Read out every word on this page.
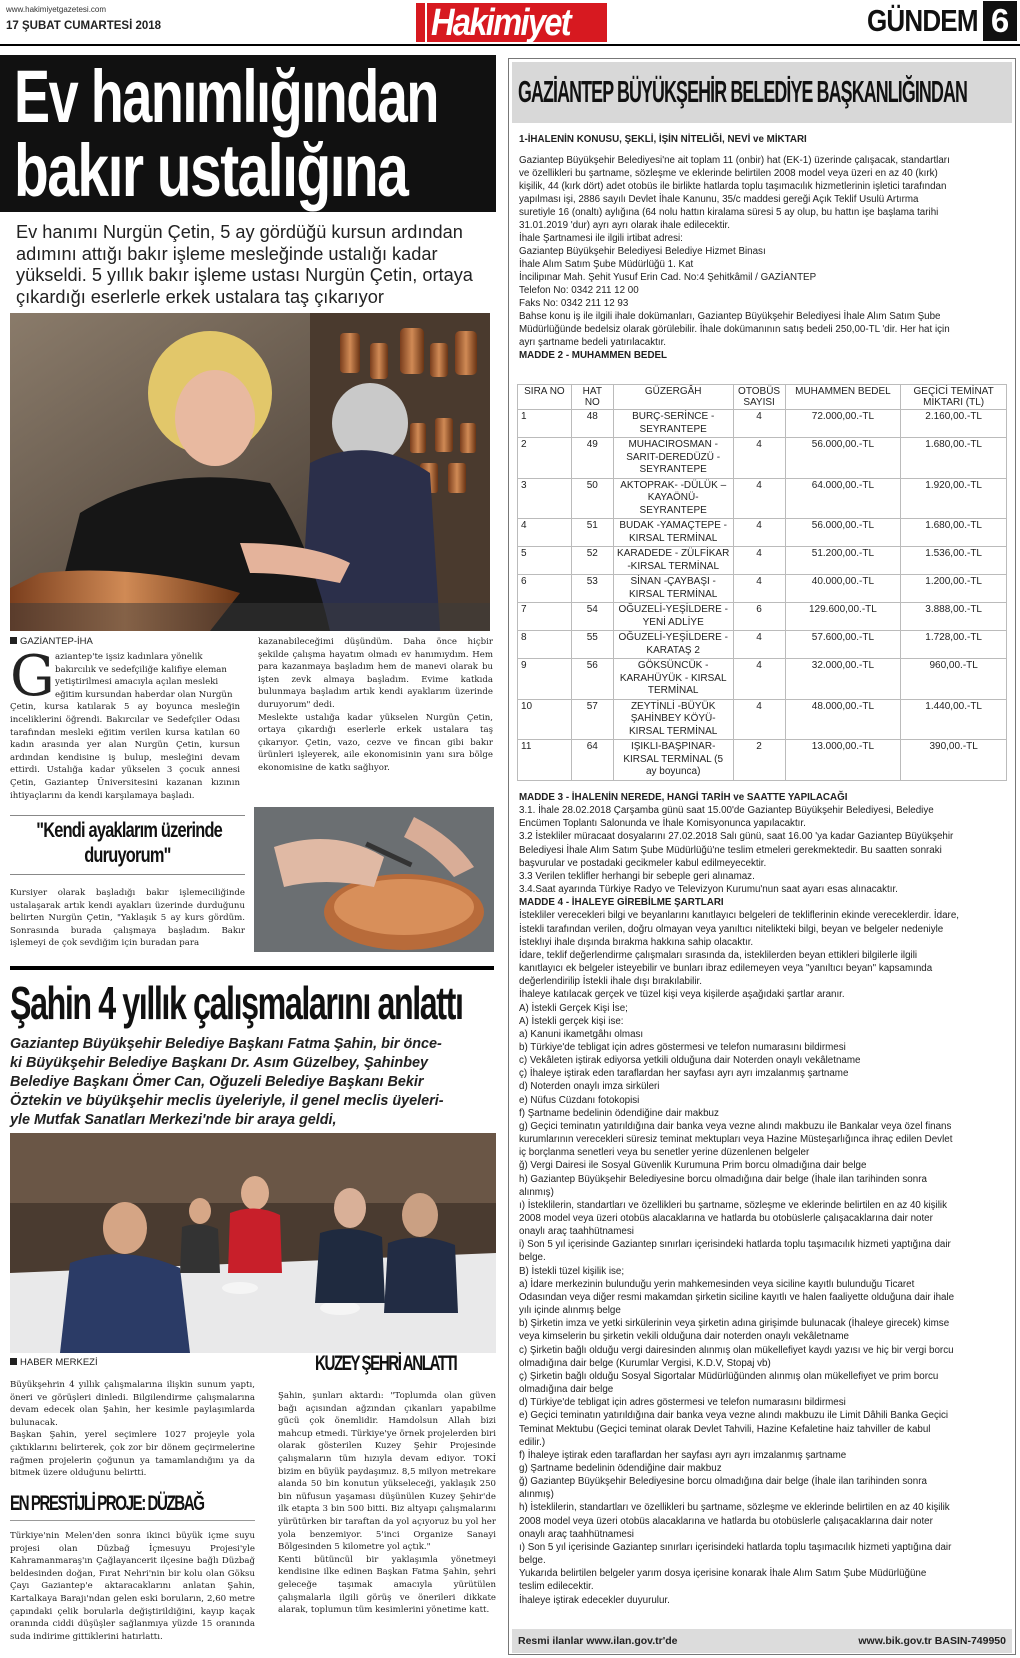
www.hakimiyetgazetesi.com
17 ŞUBAT CUMARTESİ 2018	Hakimiyet	GÜNDEM 6
Ev hanımlığından
bakır ustalığına
Ev hanımı Nurgün Çetin, 5 ay gördüğü kursun ardından
adımını attığı bakır işleme mesleğinde ustalığı kadar
yükseldi. 5 yıllık bakır işleme ustası Nurgün Çetin, ortaya
çıkardığı eserlerle erkek ustalara taş çıkarıyor
GAZİANTEP-İHA
G aziantep'te işsiz kadınlara yönelik

bakırcılık ve sedefçiliğe kalifiye eleman

yetiştirilmesi amacıyla açılan mesleki

eğitim kursundan haberdar olan Nurgün

Çetin, kursa katılarak 5 ay boyunca mesleğin inceliklerini öğrendi. Bakırcılar ve Sedefçiler Odası tarafından mesleki eğitim verilen kursa katılan 60 kadın arasında yer alan Nurgün Çetin, kursun ardından kendisine iş bulup, mesleğini devam ettirdi. Ustalığa kadar yükselen 3 çocuk annesi Çetin, Gaziantep Üniversitesini kazanan kızının ihtiyaçlarını da kendi karşılamaya başladı.

kazanabileceğimi düşündüm. Daha önce hiçbir şekilde çalışma hayatım olmadı ev hanımıydım. Hem para kazanmaya başladım hem de manevi olarak bu işten zevk almaya başladım. Evime katkıda bulunmaya başladım artık kendi ayaklarım üzerinde duruyorum" dedi.

Meslekte ustalığa kadar yükselen Nurgün Çetin, ortaya çıkardığı eserlerle erkek ustalara taş çıkarıyor. Çetin, vazo, cezve ve fincan gibi bakır ürünleri işleyerek, aile ekonomisinin yanı sıra bölge ekonomisine de katkı sağlıyor.

"Kendi ayaklarım üzerinde
duruyorum"

Kursiyer olarak başladığı bakır işlemeciliğinde ustalaşarak artık kendi ayakları üzerinde durduğunu belirten Nurgün Çetin, "Yaklaşık 5 ay kurs gördüm. Sonrasında burada çalışmaya başladım. Bakır işlemeyi de çok sevdiğim için buradan para

Şahin 4 yıllık çalışmalarını anlattı
Gaziantep Büyükşehir Belediye Başkanı Fatma Şahin, bir önce-
ki Büyükşehir Belediye Başkanı Dr. Asım Güzelbey, Şahinbey
Belediye Başkanı Ömer Can, Oğuzeli Belediye Başkanı Bekir
Öztekin ve büyükşehir meclis üyeleriyle, il genel meclis üyeleri-
yle Mutfak Sanatları Merkezi'nde bir araya geldi,
HABER MERKEZİ

Büyükşehrin 4 yıllık çalışmalarına ilişkin sunum yaptı, öneri ve görüşleri dinledi. Bilgilendirme çalışmalarına devam edecek olan Şahin, her kesimle paylaşımlarda bulunacak.

Başkan Şahin, yerel seçimlere 1027 projeyle yola çıktıklarını belirterek, çok zor bir dönem geçirmelerine rağmen projelerin çoğunun ya tamamlandığını ya da bitmek üzere olduğunu belirtti.

EN PRESTİJLİ PROJE: DÜZBAĞ

Türkiye'nin Melen'den sonra ikinci büyük içme suyu projesi olan Düzbağ İçmesuyu Projesi'yle Kahramanmaraş'ın Çağlayancerit ilçesine bağlı Düzbağ beldesinden doğan, Fırat Nehri'nin bir kolu olan Göksu Çayı Gaziantep'e aktaracaklarını anlatan Şahin, Kartalkaya Barajı'ndan gelen eski boruların, 2,60 metre çapındaki çelik borularla değiştirildiğini, kayıp kaçak oranında ciddi düşüşler sağlanmıya yüzde 15 oranında suda indirime gittiklerini hatırlattı.

KUZEY ŞEHRİ ANLATTI

Şahin, şunları aktardı: "Toplumda olan güven bağı açısından ağzından çıkanları yapabilme gücü çok önemlidir. Hamdolsun Allah bizi mahcup etmedi. Türkiye'ye örnek projelerden biri olarak gösterilen Kuzey Şehir Projesinde çalışmaların tüm hızıyla devam ediyor. TOKİ bizim en büyük paydaşımız. 8,5 milyon metrekare alanda 50 bin konutun yükseleceği, yaklaşık 250 bin nüfusun yaşaması düşünülen Kuzey Şehir'de ilk etapta 3 bin 500 bitti. Biz altyapı çalışmalarını yürütürken bir taraftan da yol açıyoruz bu yol her yola benzemiyor. 5'inci Organize Sanayi Bölgesinden 5 kilometre yol açtık."

Kenti bütüncül bir yaklaşımla yönetmeyi kendisine ilke edinen Başkan Fatma Şahin, şehri geleceğe taşımak amacıyla yürütülen çalışmalarla ilgili görüş ve önerileri dikkate alarak, toplumun tüm kesimlerini yönetime katt.

GAZİANTEP BÜYÜKŞEHİR BELEDİYE BAŞKANLIĞINDAN

1-İHALENİN KONUSU, ŞEKLİ, İŞİN NİTELİĞİ, NEVİ ve MİKTARI

Gaziantep Büyükşehir Belediyesi'ne ait toplam 11 (onbir) hat (EK-1) üzerinde çalışacak, standartları

ve özellikleri bu şartname, sözleşme ve eklerinde belirtilen 2008 model veya üzeri en az 40 (kırk)

kişilik, 44 (kırk dört) adet otobüs ile birlikte hatlarda toplu taşımacılık hizmetlerinin işletici tarafından

yapılması işi, 2886 sayılı Devlet İhale Kanunu, 35/c maddesi gereği Açık Teklif Usulü Artırma

suretiyle 16 (onaltı) aylığına (64 nolu hattın kiralama süresi 5 ay olup, bu hattın işe başlama tarihi

31.01.2019 'dur) ayrı ayrı olarak ihale edilecektir.

İhale Şartnamesi ile ilgili irtibat adresi:

Gaziantep Büyükşehir Belediyesi Belediye Hizmet Binası

İhale Alım Satım Şube Müdürlüğü 1. Kat

İncilipınar Mah. Şehit Yusuf Erin Cad. No:4 Şehitkâmil / GAZİANTEP

Telefon No: 0342 211 12 00

Faks No: 0342 211 12 93

Bahse konu iş ile ilgili ihale dokümanları, Gaziantep Büyükşehir Belediyesi İhale Alım Satım Şube

Müdürlüğünde bedelsiz olarak görülebilir. İhale dokümanının satış bedeli 250,00-TL 'dir. Her hat için

ayrı şartname bedeli yatırılacaktır.

MADDE 2 - MUHAMMEN BEDEL

SIRA NO	HAT NO	GÜZERGÂH	OTOBÜS SAYISI	MUHAMMEN BEDEL	GEÇİCİ TEMİNAT MİKTARI (TL)
1	48	BURÇ-SERİNCE -SEYRANTEPE	4	72.000,00.-TL	2.160,00.-TL
2	49	MUHACIROSMAN -SARIT-DEREDÜZÜ -SEYRANTEPE	4	56.000,00.-TL	1.680,00.-TL
3	50	AKTOPRAK- -DÜLÜK –KAYAÖNÜ- SEYRANTEPE	4	64.000,00.-TL	1.920,00.-TL
4	51	BUDAK -YAMAÇTEPE -KIRSAL TERMİNAL	4	56.000,00.-TL	1.680,00.-TL
5	52	KARADEDE - ZÜLFİKAR -KIRSAL TERMİNAL	4	51.200,00.-TL	1.536,00.-TL
6	53	SİNAN -ÇAYBAŞI - KIRSAL TERMİNAL	4	40.000,00.-TL	1.200,00.-TL
7	54	OĞUZELİ-YEŞİLDERE -YENİ ADLİYE	6	129.600,00.-TL	3.888,00.-TL
8	55	OĞUZELİ-YEŞİLDERE -KARATAŞ 2	4	57.600,00.-TL	1.728,00.-TL
9	56	GÖKSÜNCÜK - KARAHÜYÜK - KIRSAL TERMİNAL	4	32.000,00.-TL	960,00.-TL
10	57	ZEYTİNLİ -BÜYÜK ŞAHİNBEY KÖYÜ- KIRSAL TERMİNAL	4	48.000,00.-TL	1.440,00.-TL
11	64	IŞIKLI-BAŞPINAR- KIRSAL TERMİNAL (5 ay boyunca)	2	13.000,00.-TL	390,00.-TL

MADDE 3 - İHALENİN NEREDE, HANGİ TARİH ve SAATTE YAPILACAĞI

3.1. İhale 28.02.2018 Çarşamba günü saat 15.00'de Gaziantep Büyükşehir Belediyesi, Belediye

Encümen Toplantı Salonunda ve İhale Komisyonunca yapılacaktır.

3.2 İstekliler müracaat dosyalarını 27.02.2018 Salı günü, saat 16.00 'ya kadar Gaziantep Büyükşehir

Belediyesi İhale Alım Satım Şube Müdürlüğü'ne teslim etmeleri gerekmektedir. Bu saatten sonraki

başvurular ve postadaki gecikmeler kabul edilmeyecektir.

3.3 Verilen teklifler herhangi bir sebeple geri alınamaz.

3.4.Saat ayarında Türkiye Radyo ve Televizyon Kurumu'nun saat ayarı esas alınacaktır.

MADDE 4 - İHALEYE GİREBİLME ŞARTLARI

İstekliler verecekleri bilgi ve beyanlarını kanıtlayıcı belgeleri de tekliflerinin ekinde vereceklerdir. İdare,

İstekli tarafından verilen, doğru olmayan veya yanıltıcı nitelikteki bilgi, beyan ve belgeler nedeniyle

İsteklıyi ihale dışında bırakma hakkına sahip olacaktır.

İdare, teklif değerlendirme çalışmaları sırasında da, isteklilerden beyan ettikleri bilgilerle ilgili

kanıtlayıcı ek belgeler isteyebilir ve bunları ibraz edilemeyen veya "yanıltıcı beyan" kapsamında

değerlendirilip İstekli ihale dışı bırakılabilir.

İhaleye katılacak gerçek ve tüzel kişi veya kişilerde aşağıdaki şartlar aranır.

A) İstekli Gerçek Kişi İse;

A) İstekli gerçek kişi ise:

a) Kanuni ikametgâhı olması

b) Türkiye'de tebligat için adres göstermesi ve telefon numarasını bildirmesi

c) Vekâleten iştirak ediyorsa yetkili olduğuna dair Noterden onaylı vekâletname

ç) İhaleye iştirak eden taraflardan her sayfası ayrı ayrı imzalanmış şartname

d) Noterden onaylı imza sirküleri

e) Nüfus Cüzdanı fotokopisi

f) Şartname bedelinin ödendiğine dair makbuz

g) Geçici teminatın yatırıldığına dair banka veya vezne alındı makbuzu ile Bankalar veya özel finans

kurumlarının verecekleri süresiz teminat mektupları veya Hazine Müsteşarlığınca ihraç edilen Devlet

iç borçlanma senetleri veya bu senetler yerine düzenlenen belgeler

ğ) Vergi Dairesi ile Sosyal Güvenlik Kurumuna Prim borcu olmadığına dair belge

h) Gaziantep Büyükşehir Belediyesine borcu olmadığına dair belge (İhale ilan tarihinden sonra

alınmış)

ı) İsteklilerin, standartları ve özellikleri bu şartname, sözleşme ve eklerinde belirtilen en az 40 kişilik

2008 model veya üzeri otobüs alacaklarına ve hatlarda bu otobüslerle çalışacaklarına dair noter

onaylı araç taahhütnamesi

i) Son 5 yıl içerisinde Gaziantep sınırları içerisindeki hatlarda toplu taşımacılık hizmeti yaptığına dair

belge.

B) İstekli tüzel kişilik ise;

a) İdare merkezinin bulunduğu yerin mahkemesinden veya siciline kayıtlı bulunduğu Ticaret

Odasından veya diğer resmi makamdan şirketin siciline kayıtlı ve halen faaliyette olduğuna dair ihale

yılı içinde alınmış belge

b) Şirketin imza ve yetki sirkülerinin veya şirketin adına girişimde bulunacak (İhaleye girecek) kimse

veya kimselerin bu şirketin vekili olduğuna dair noterden onaylı vekâletname

c) Şirketin bağlı olduğu vergi dairesinden alınmış olan mükellefiyet kaydı yazısı ve hiç bir vergi borcu

olmadığına dair belge (Kurumlar Vergisi, K.D.V, Stopaj vb)

ç) Şirketin bağlı olduğu Sosyal Sigortalar Müdürlüğünden alınmış olan mükellefiyet ve prim borcu

olmadığına dair belge

d) Türkiye'de tebligat için adres göstermesi ve telefon numarasını bildirmesi

e) Geçici teminatın yatırıldığına dair banka veya vezne alındı makbuzu ile Limit Dâhili Banka Geçici

Teminat Mektubu (Geçici teminat olarak Devlet Tahvili, Hazine Kefaletine haiz tahviller de kabul

edilir.)

f) İhaleye iştirak eden taraflardan her sayfası ayrı ayrı imzalanmış şartname

g) Şartname bedelinin ödendiğine dair makbuz

ğ) Gaziantep Büyükşehir Belediyesine borcu olmadığına dair belge (İhale ilan tarihinden sonra

alınmış)

h) İsteklilerin, standartları ve özellikleri bu şartname, sözleşme ve eklerinde belirtilen en az 40 kişilik

2008 model veya üzeri otobüs alacaklarına ve hatlarda bu otobüslerle çalışacaklarına dair noter

onaylı araç taahhütnamesi

ı) Son 5 yıl içerisinde Gaziantep sınırları içerisindeki hatlarda toplu taşımacılık hizmeti yaptığına dair

belge.

Yukarıda belirtilen belgeler yarım dosya içerisine konarak İhale Alım Satım Şube Müdürlüğüne

teslim edilecektir.

İhaleye iştirak edecekler duyurulur.

Resmi ilanlar www.ilan.gov.tr'de	www.bik.gov.tr BASIN-749950
